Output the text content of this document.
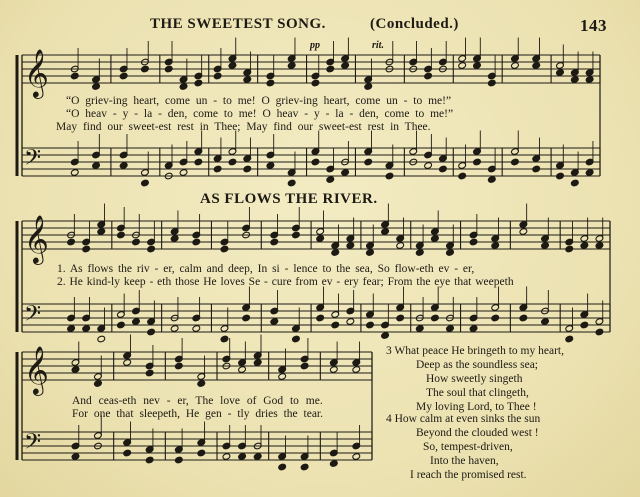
THE SWEETEST SONG.	(Concluded.)	143
pp	rit.
“O griev-ing heart, come un - to me! O griev-ing heart, come un - to me!”
“O heav - y - la - den, come to me! O heav - y - la - den, come to me!”
May find our sweet-est rest in Thee; May find our sweet-est rest in Thee.
AS FLOWS THE RIVER.
1. As flows the riv - er, calm and deep, In si - lence to the sea, So flow-eth ev - er,
2. He kind-ly keep - eth those He loves Se - cure from ev - ery fear; From the eye that weepeth
And ceas-eth nev - er, The love of God to me.
For one that sleepeth, He gen - tly dries the tear.
3 What peace He bringeth to my heart,
Deep as the soundless sea;
How sweetly singeth
The soul that clingeth,
My loving Lord, to Thee !
4 How calm at even sinks the sun
Beyond the clouded west !
So, tempest-driven,
Into the haven,
I reach the promised rest.
𝄞
𝄢
𝄞
𝄢
𝄞
𝄢
